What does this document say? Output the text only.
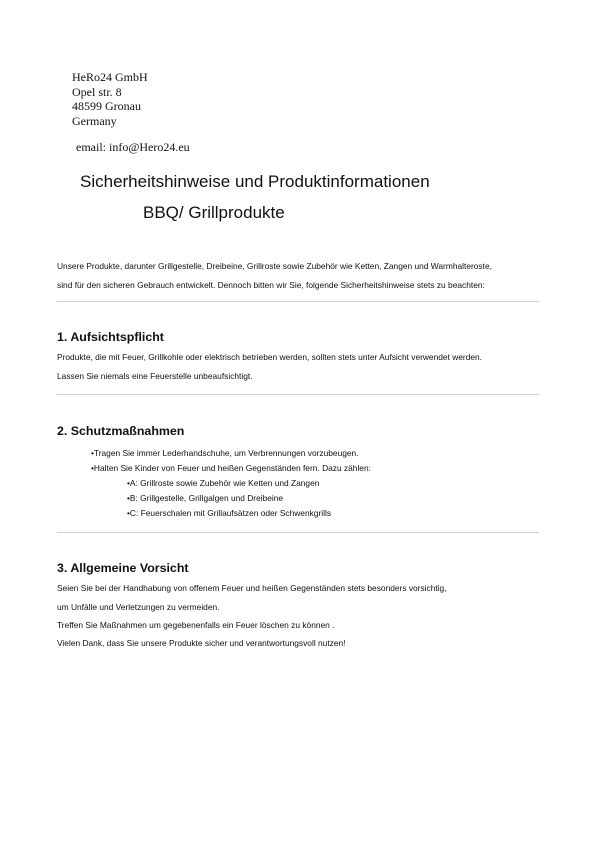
HeRo24 GmbH
Opel str. 8
48599 Gronau
Germany
email: info@Hero24.eu
Sicherheitshinweise und Produktinformationen
BBQ/ Grillprodukte
Unsere Produkte, darunter Grillgestelle, Dreibeine, Grillroste sowie Zubehör wie Ketten, Zangen und Warmhalteroste,
sind für den sicheren Gebrauch entwickelt. Dennoch bitten wir Sie, folgende Sicherheitshinweise stets zu beachten:
1. Aufsichtspflicht
Produkte, die mit Feuer, Grillkohle oder elektrisch betrieben werden, sollten stets unter Aufsicht verwendet werden.
Lassen Sie niemals eine Feuerstelle unbeaufsichtigt.
2. Schutzmaßnahmen
•Tragen Sie immer Lederhandschuhe, um Verbrennungen vorzubeugen.
•Halten Sie Kinder von Feuer und heißen Gegenständen fern. Dazu zählen:
•A: Grillroste sowie Zubehör wie Ketten und Zangen
•B: Grillgestelle, Grillgalgen und Dreibeine
•C: Feuerschalen mit Grillaufsätzen oder Schwenkgrills
3. Allgemeine Vorsicht
Seien Sie bei der Handhabung von offenem Feuer und heißen Gegenständen stets besonders vorsichtig,
um Unfälle und Verletzungen zu vermeiden.
Treffen Sie Maßnahmen um gegebenenfalls ein Feuer löschen zu können .
Vielen Dank, dass Sie unsere Produkte sicher und verantwortungsvoll nutzen!
